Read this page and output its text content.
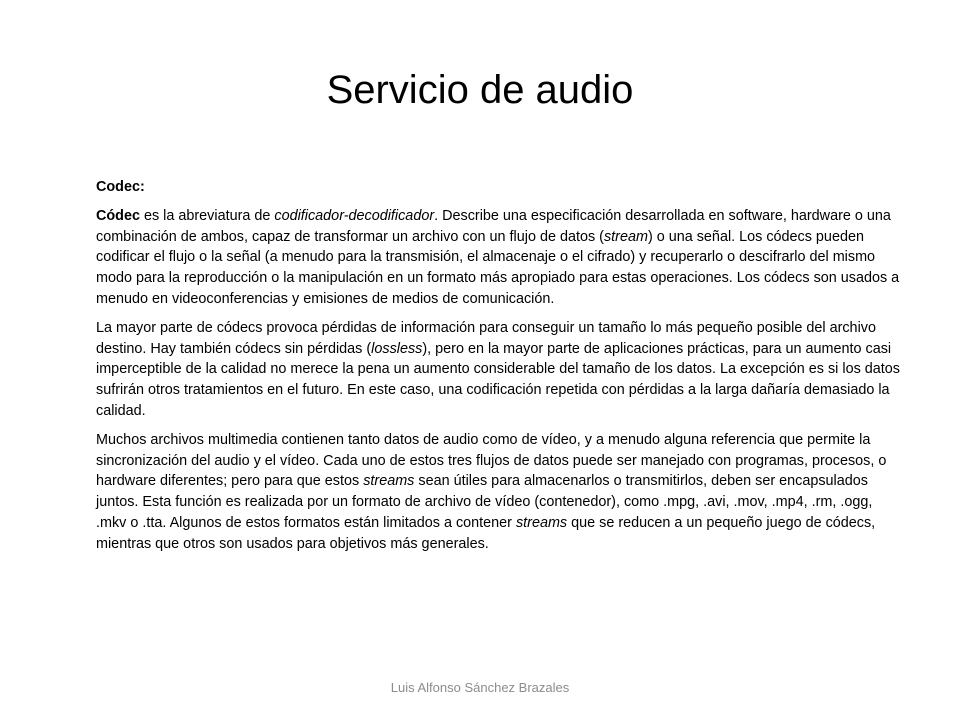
Servicio de audio

Codec:

Códec es la abreviatura de codificador-decodificador. Describe una especificación desarrollada en software, hardware o una combinación de ambos, capaz de transformar un archivo con un flujo de datos (stream) o una señal. Los códecs pueden codificar el flujo o la señal (a menudo para la transmisión, el almacenaje o el cifrado) y recuperarlo o descifrarlo del mismo modo para la reproducción o la manipulación en un formato más apropiado para estas operaciones. Los códecs son usados a menudo en videoconferencias y emisiones de medios de comunicación.

La mayor parte de códecs provoca pérdidas de información para conseguir un tamaño lo más pequeño posible del archivo destino. Hay también códecs sin pérdidas (lossless), pero en la mayor parte de aplicaciones prácticas, para un aumento casi imperceptible de la calidad no merece la pena un aumento considerable del tamaño de los datos. La excepción es si los datos sufrirán otros tratamientos en el futuro. En este caso, una codificación repetida con pérdidas a la larga dañaría demasiado la calidad.

Muchos archivos multimedia contienen tanto datos de audio como de vídeo, y a menudo alguna referencia que permite la sincronización del audio y el vídeo. Cada uno de estos tres flujos de datos puede ser manejado con programas, procesos, o hardware diferentes; pero para que estos streams sean útiles para almacenarlos o transmitirlos, deben ser encapsulados juntos. Esta función es realizada por un formato de archivo de vídeo (contenedor), como .mpg, .avi, .mov, .mp4, .rm, .ogg, .mkv o .tta. Algunos de estos formatos están limitados a contener streams que se reducen a un pequeño juego de códecs, mientras que otros son usados para objetivos más generales.

Luis Alfonso Sánchez Brazales
